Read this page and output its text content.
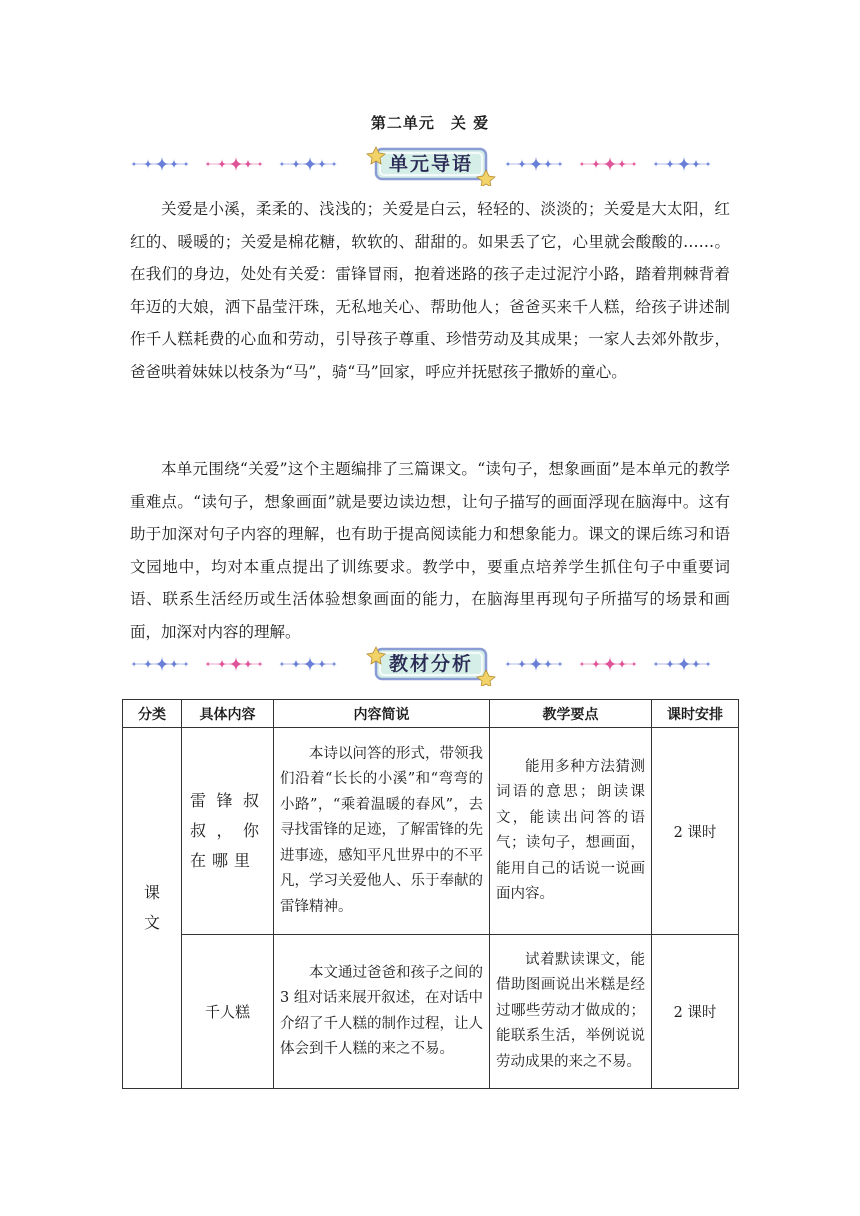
第二单元　关 爱
单元导语

关爱是小溪，柔柔的、浅浅的；关爱是白云，轻轻的、淡淡的；关爱是大太阳，红红的、暖暖的；关爱是棉花糖，软软的、甜甜的。如果丢了它，心里就会酸酸的……。在我们的身边，处处有关爱：雷锋冒雨，抱着迷路的孩子走过泥泞小路，踏着荆棘背着年迈的大娘，洒下晶莹汗珠，无私地关心、帮助他人；爸爸买来千人糕，给孩子讲述制作千人糕耗费的心血和劳动，引导孩子尊重、珍惜劳动及其成果；一家人去郊外散步，爸爸哄着妹妹以枝条为“马”，骑“马”回家，呼应并抚慰孩子撒娇的童心。

本单元围绕“关爱”这个主题编排了三篇课文。“读句子，想象画面”是本单元的教学重难点。“读句子，想象画面”就是要边读边想，让句子描写的画面浮现在脑海中。这有助于加深对句子内容的理解，也有助于提高阅读能力和想象能力。课文的课后练习和语文园地中，均对本重点提出了训练要求。教学中，要重点培养学生抓住句子中重要词语、联系生活经历或生活体验想象画面的能力，在脑海里再现句子所描写的场景和画面，加深对内容的理解。

教材分析
分类	具体内容	内容简说	教学要点	课时安排

课文	雷锋叔叔，你在哪里	本诗以问答的形式，带领我们沿着“长长的小溪”和“弯弯的小路”，“乘着温暖的春风”，去寻找雷锋的足迹，了解雷锋的先进事迹，感知平凡世界中的不平凡，学习关爱他人、乐于奉献的雷锋精神。	能用多种方法猜测词语的意思；朗读课文，能读出问答的语气；读句子，想画面，能用自己的话说一说画面内容。	2 课时
	千人糕	本文通过爸爸和孩子之间的 3 组对话来展开叙述，在对话中介绍了千人糕的制作过程，让人体会到千人糕的来之不易。	试着默读课文，能借助图画说出米糕是经过哪些劳动才做成的；能联系生活，举例说说劳动成果的来之不易。	2 课时
